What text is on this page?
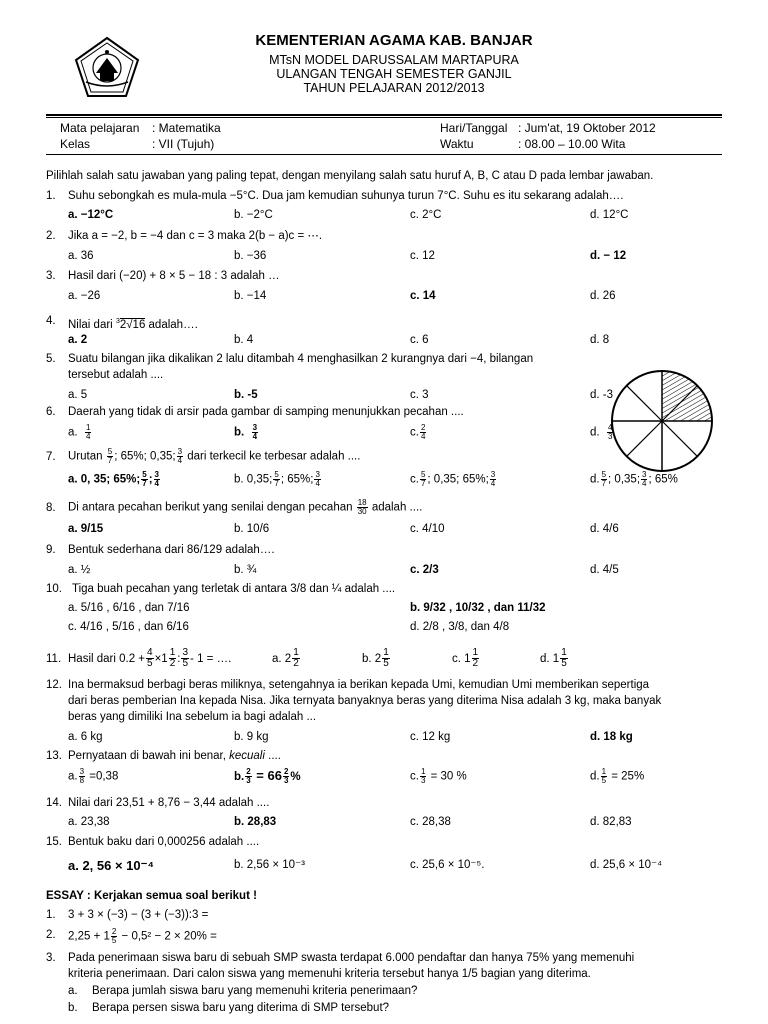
KEMENTERIAN AGAMA KAB. BANJAR
MTsN MODEL DARUSSALAM MARTAPURA
ULANGAN TENGAH SEMESTER GANJIL
TAHUN PELAJARAN 2012/2013
Mata pelajaran : Matematika
Kelas	: VII (Tujuh)
Hari/Tanggal : Jum'at, 19 Oktober 2012
Waktu	: 08.00 – 10.00 Wita
Pilihlah salah satu jawaban yang paling tepat, dengan menyilang salah satu huruf A, B, C atau D pada lembar jawaban.
1. Suhu sebongkah es mula-mula −5°C. Dua jam kemudian suhunya turun 7°C. Suhu es itu sekarang adalah….
a. −12°C	b. −2°C	c. 2°C	d. 12°C
2. Jika a = −2, b = −4 dan c = 3 maka 2(b − a)c = ⋯.
a. 36	b. −36	c. 12	d. − 12
3. Hasil dari (−20) + 8 × 5 − 18 : 3 adalah …
a. −26	b. −14	c. 14	d. 26
4. Nilai dari $^3$2√16 adalah….
a. 2	b. 4	c. 6	d. 8
5. Suatu bilangan jika dikalikan 2 lalu ditambah 4 menghasilkan 2 kurangnya dari −4, bilangan
tersebut adalah ....
a. 5	b. -5	c. 3	d. -3
6. Daerah yang tidak di arsir pada gambar di samping menunjukkan pecahan ....
a. $\frac{1}{4}$	b. $\frac{3}{4}$	c. $\frac{2}{4}$	d. $\frac{4}{3}$
7. Urutan $\frac{5}{7}$ ; 65%; 0,35; $\frac{3}{4}$ dari terkecil ke terbesar adalah ....
a. 0, 35; 65%; $\frac{5}{7}$ ; $\frac{3}{4}$	b. 0,35; $\frac{5}{7}$ ; 65%; $\frac{3}{4}$	c. $\frac{5}{7}$ ; 0,35; 65%; $\frac{3}{4}$	d. $\frac{5}{7}$ ; 0,35; $\frac{3}{4}$ ; 65%
8. Di antara pecahan berikut yang senilai dengan pecahan $\frac{18}{30}$ adalah ....
a. 9/15	b. 10/6	c. 4/10	d. 4/6
9. Bentuk sederhana dari 86/129 adalah….
a. ½	b. ¾	c. 2/3	d. 4/5
10. Tiga buah pecahan yang terletak di antara 3/8 dan ¼ adalah ....
a. 5/16 , 6/16 , dan 7/16	b. 9/32 , 10/32 , dan 11/32
c. 4/16 , 5/16 , dan 6/16	d. 2/8 , 3/8, dan 4/8
11. Hasil dari $0.2 + \frac{4}{5} \times 1 \frac{1}{2}$ : $\frac{3}{5} - 1$ = ….	a. $2 \frac{1}{2}$	b. $2 \frac{1}{5}$	c. $1 \frac{1}{2}$	d. $1 \frac{1}{5}$
12. Ina bermaksud berbagi beras miliknya, setengahnya ia berikan kepada Umi, kemudian Umi memberikan sepertiga
dari beras pemberian Ina kepada Nisa. Jika ternyata banyaknya beras yang diterima Nisa adalah 3 kg, maka banyak
beras yang dimiliki Ina sebelum ia bagi adalah ...
a. 6 kg	b. 9 kg	c. 12 kg	d. 18 kg
13. Pernyataan di bawah ini benar, kecuali ....
a. $\frac{3}{8} =0,38$	b. $\frac{2}{3} = 66 \frac{2}{3}$ %	c. $\frac{1}{3} = 30$ %	d. $\frac{1}{5} = 25\%$
14. Nilai dari 23,51 + 8,76 − 3,44 adalah ....
a. 23,38	b. 28,83	c. 28,38	d. 82,83
15. Bentuk baku dari 0,000256 adalah ....
a. 2, 56 × 10⁻⁴	b. 2,56 × 10⁻³	c. 25,6 × 10⁻⁵.	d. 25,6 × 10⁻⁴
ESSAY : Kerjakan semua soal berikut !
1. 3 + 3 × (−3) − (3 + (−3)):3 =
2. $2,25 + 1 \frac{2}{5} - 0,5^2 - 2 \times 20\%$ =
3. Pada penerimaan siswa baru di sebuah SMP swasta terdapat 6.000 pendaftar dan hanya 75% yang memenuhi
kriteria penerimaan. Dari calon siswa yang memenuhi kriteria tersebut hanya 1/5 bagian yang diterima.
a. Berapa jumlah siswa baru yang memenuhi kriteria penerimaan?
b. Berapa persen siswa baru yang diterima di SMP tersebut?
